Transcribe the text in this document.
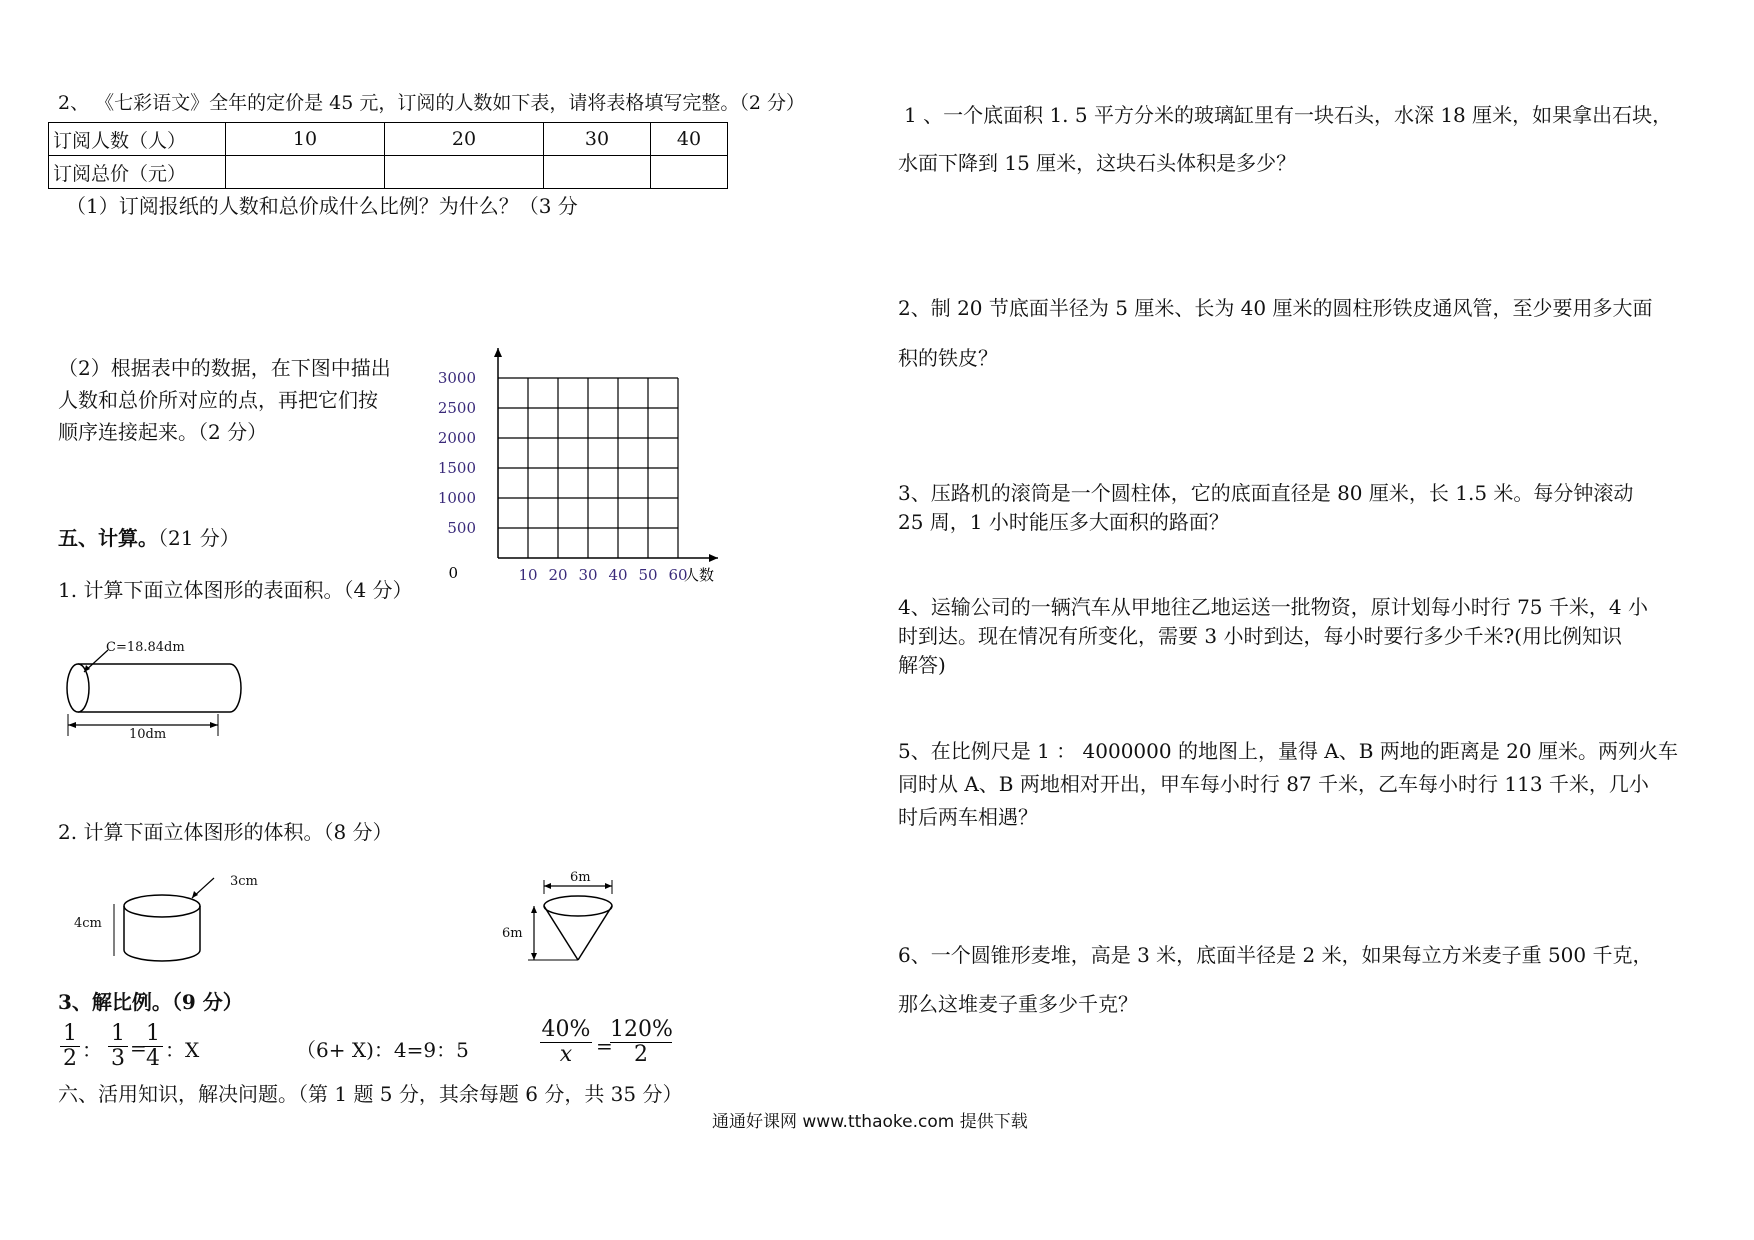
2、 《七彩语文》全年的定价是 45 元，订阅的人数如下表，请将表格填写完整。（2 分）
订阅人数（人）	10	20	30	40
订阅总价（元）				
（1）订阅报纸的人数和总价成什么比例？为什么？（3 分
（2）根据表中的数据，在下图中描出
人数和总价所对应的点，再把它们按
顺序连接起来。（2 分）
10 20 30 40 50 60
0
500
1000
1500
2000
2500
3000
人数
五、计算。（21 分）
1. 计算下面立体图形的表面积。（4 分）
C=18.84dm
10dm
2. 计算下面立体图形的体积。（8 分）
3cm
4cm
6m
6m
3、解比例。（9 分）
$\frac{1}{2}$ ： $\frac{1}{3}$ =
$\frac{1}{4}$ ：X	（6+ X)：4=9：5	$\frac{40\%}{x}$ =
$\frac{120\%}{2}$
六、活用知识，解决问题。（第 1 题 5 分，其余每题 6 分，共 35 分）
1 、一个底面积 1. 5 平方分米的玻璃缸里有一块石头，水深 18 厘米，如果拿出石块，
水面下降到 15 厘米，这块石头体积是多少？
2、制 20 节底面半径为 5 厘米、长为 40 厘米的圆柱形铁皮通风管，至少要用多大面
积的铁皮？
3、压路机的滚筒是一个圆柱体，它的底面直径是 80 厘米，长 1.5 米。每分钟滚动
25 周，1 小时能压多大面积的路面？
4、运输公司的一辆汽车从甲地往乙地运送一批物资，原计划每小时行 75 千米，4 小
时到达。现在情况有所变化，需要 3 小时到达，每小时要行多少千米?(用比例知识
解答)
5、在比例尺是 1 ： 4000000 的地图上，量得 A、B 两地的距离是 20 厘米。两列火车
同时从 A、B 两地相对开出，甲车每小时行 87 千米，乙车每小时行 113 千米，几小
时后两车相遇？
6、一个圆锥形麦堆，高是 3 米，底面半径是 2 米，如果每立方米麦子重 500 千克，
那么这堆麦子重多少千克？
通通好课网 www.tthaoke.com 提供下载
